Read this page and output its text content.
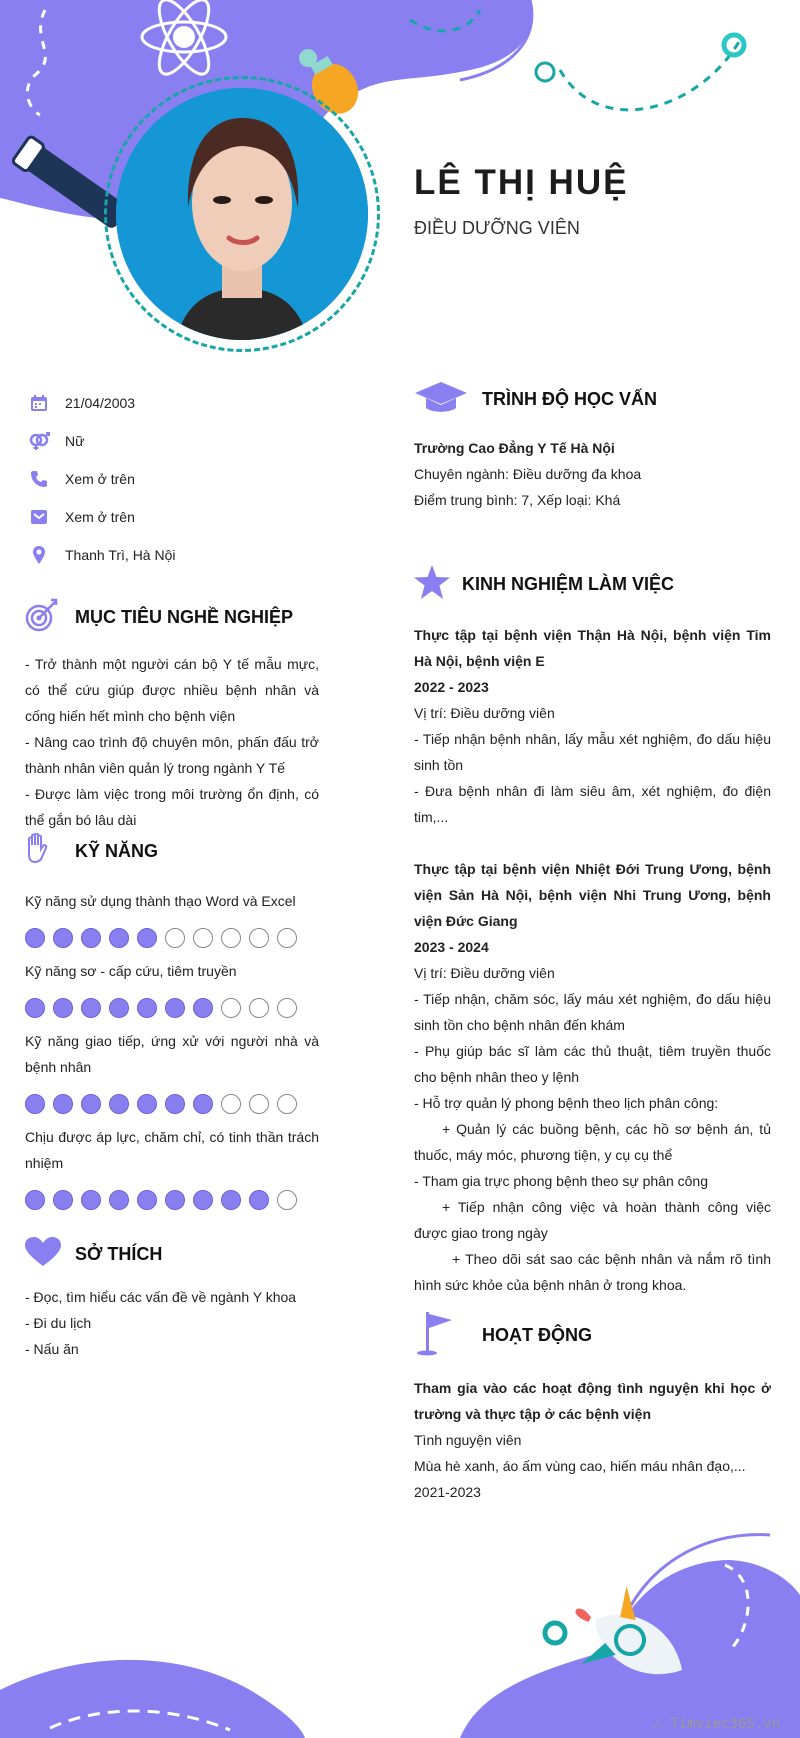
LÊ THỊ HUỆ
ĐIỀU DƯỠNG VIÊN
21/04/2003
Nữ
Xem ở trên
Xem ở trên
Thanh Trì, Hà Nội
MỤC TIÊU NGHỀ NGHIỆP
- Trở thành một người cán bộ Y tế mẫu mực, có thể cứu giúp được nhiều bệnh nhân và cống hiến hết mình cho bệnh viện
- Nâng cao trình độ chuyên môn, phấn đấu trở thành nhân viên quản lý trong ngành Y Tế
- Được làm việc trong môi trường ổn định, có thể gắn bó lâu dài
KỸ NĂNG
Kỹ năng sử dụng thành thạo Word và Excel
Kỹ năng sơ - cấp cứu, tiêm truyền
Kỹ năng giao tiếp, ứng xử với người nhà và bệnh nhân
Chịu được áp lực, chăm chỉ, có tinh thần trách nhiệm
SỞ THÍCH
- Đọc, tìm hiểu các vấn đề về ngành Y khoa
- Đi du lịch
- Nấu ăn
TRÌNH ĐỘ HỌC VẤN
Trường Cao Đẳng Y Tế Hà Nội
Chuyên ngành: Điều dưỡng đa khoa
Điểm trung bình: 7, Xếp loại: Khá
KINH NGHIỆM LÀM VIỆC
Thực tập tại bệnh viện Thận Hà Nội, bệnh viện Tim Hà Nội, bệnh viện E
2022 - 2023
Vị trí: Điều dưỡng viên
- Tiếp nhận bệnh nhân, lấy mẫu xét nghiệm, đo dấu hiệu sinh tồn
- Đưa bệnh nhân đi làm siêu âm, xét nghiệm, đo điện tim,...
Thực tập tại bệnh viện Nhiệt Đới Trung Ương, bệnh viện Sản Hà Nội, bệnh viện Nhi Trung Ương, bệnh viện Đức Giang
2023 - 2024
Vị trí: Điều dưỡng viên
- Tiếp nhận, chăm sóc, lấy máu xét nghiệm, đo dấu hiệu sinh tồn cho bệnh nhân đến khám
- Phụ giúp bác sĩ làm các thủ thuật, tiêm truyền thuốc cho bệnh nhân theo y lệnh
- Hỗ trợ quản lý phong bệnh theo lịch phân công:
+ Quản lý các buồng bệnh, các hồ sơ bệnh án, tủ thuốc, máy móc, phương tiện, y cụ cụ thể
- Tham gia trực phong bệnh theo sự phân công
+ Tiếp nhận công việc và hoàn thành công việc được giao trong ngày
+ Theo dõi sát sao các bệnh nhân và nắm rõ tình hình sức khỏe của bệnh nhân ở trong khoa.
HOẠT ĐỘNG
Tham gia vào các hoạt động tình nguyện khi học ở trường và thực tập ở các bệnh viện
Tình nguyện viên
Mùa hè xanh, áo ấm vùng cao, hiến máu nhân đạo,...
2021-2023
∴ Timviec365.vn
